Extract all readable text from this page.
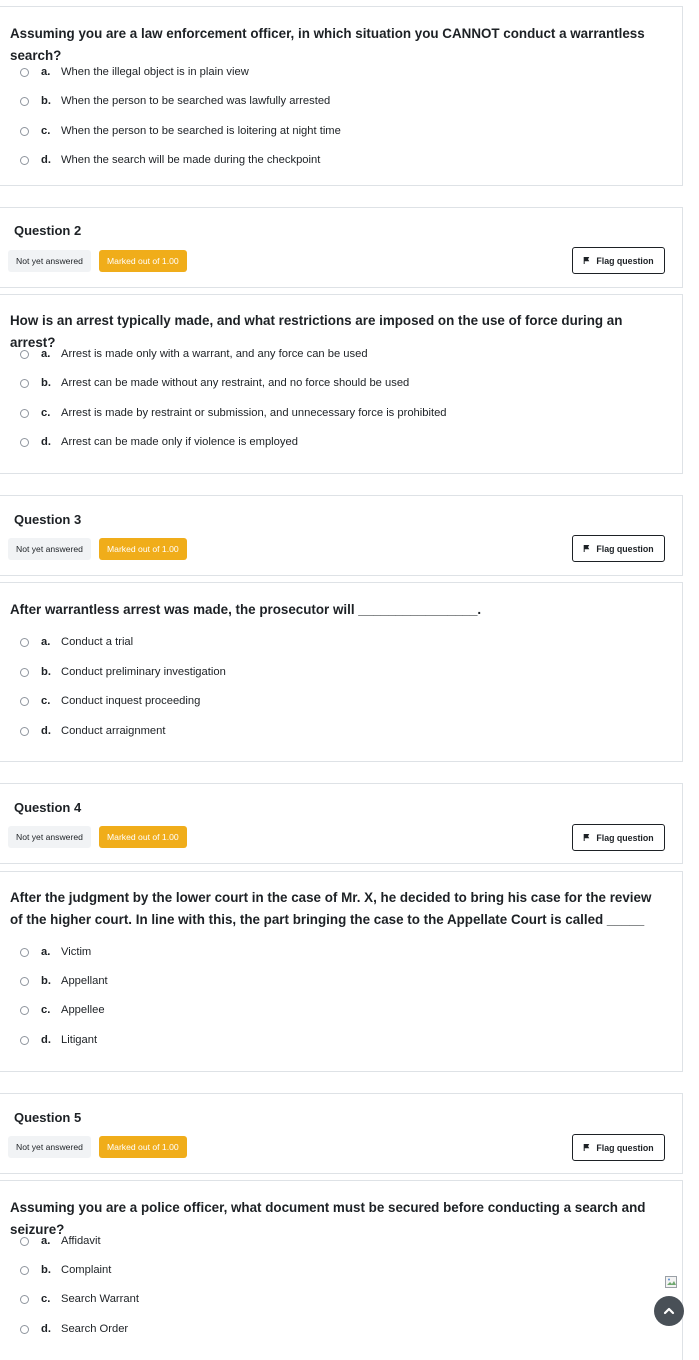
Assuming you are a law enforcement officer, in which situation you CANNOT conduct a warrantless search?
a. When the illegal object is in plain view
b. When the person to be searched was lawfully arrested
c. When the person to be searched is loitering at night time
d. When the search will be made during the checkpoint
Question 2
Not yet answered	Marked out of 1.00	Flag question
How is an arrest typically made, and what restrictions are imposed on the use of force during an arrest?
a. Arrest is made only with a warrant, and any force can be used
b. Arrest can be made without any restraint, and no force should be used
c. Arrest is made by restraint or submission, and unnecessary force is prohibited
d. Arrest can be made only if violence is employed
Question 3
Not yet answered	Marked out of 1.00	Flag question
After warrantless arrest was made, the prosecutor will ________________.
a. Conduct a trial
b. Conduct preliminary investigation
c. Conduct inquest proceeding
d. Conduct arraignment
Question 4
Not yet answered	Marked out of 1.00	Flag question
After the judgment by the lower court in the case of Mr. X, he decided to bring his case for the review of the higher court. In line with this, the part bringing the case to the Appellate Court is called _____
a. Victim
b. Appellant
c. Appellee
d. Litigant
Question 5
Not yet answered	Marked out of 1.00	Flag question
Assuming you are a police officer, what document must be secured before conducting a search and seizure?
a. Affidavit
b. Complaint
c. Search Warrant
d. Search Order
